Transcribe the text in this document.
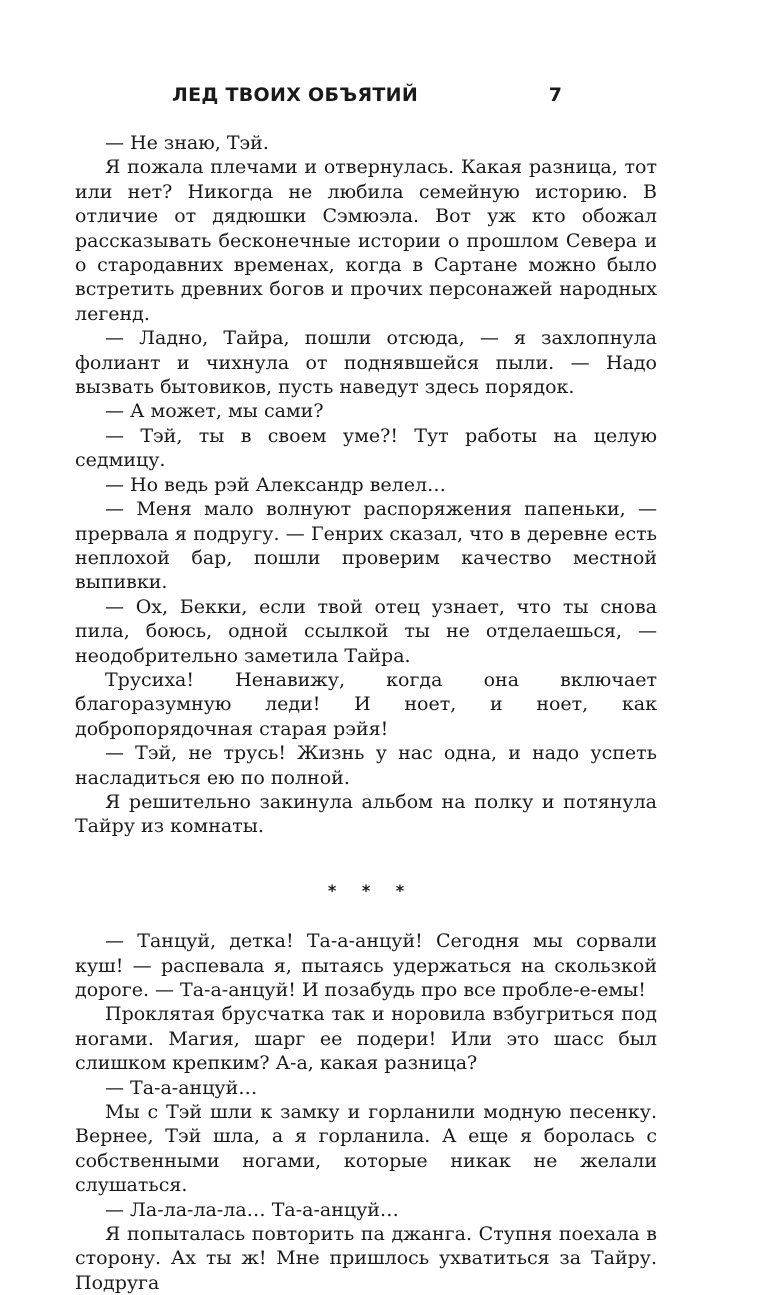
ЛЕД ТВОИХ ОБЪЯТИЙ	7

— Не знаю, Тэй.

Я пожала плечами и отвернулась. Какая разница, тот или нет? Никогда не любила семейную историю. В отличие от дядюшки Сэмюэла. Вот уж кто обожал рассказывать бесконечные истории о прошлом Севера и о стародавних временах, когда в Сартане можно было встретить древних богов и прочих персонажей народных легенд.

— Ладно, Тайра, пошли отсюда, — я захлопнула фолиант и чихнула от поднявшейся пыли. — Надо вызвать бытовиков, пусть наведут здесь порядок.

— А может, мы сами?

— Тэй, ты в своем уме?! Тут работы на целую седмицу.

— Но ведь рэй Александр велел…

— Меня мало волнуют распоряжения папеньки, — прервала я подругу. — Генрих сказал, что в деревне есть неплохой бар, пошли проверим качество местной выпивки.

— Ох, Бекки, если твой отец узнает, что ты снова пила, боюсь, одной ссылкой ты не отделаешься, — неодобрительно заметила Тайра.

Трусиха! Ненавижу, когда она включает благоразумную леди! И ноет, и ноет, как добропорядочная старая рэйя!

— Тэй, не трусь! Жизнь у нас одна, и надо успеть насладиться ею по полной.

Я решительно закинула альбом на полку и потянула Тайру из комнаты.

* * *

— Танцуй, детка! Та-а-анцуй! Сегодня мы сорвали куш! — распевала я, пытаясь удержаться на скользкой дороге. — Та-а-анцуй! И позабудь про все пробле-е-емы!

Проклятая брусчатка так и норовила взбугриться под ногами. Магия, шарг ее подери! Или это шасс был слишком крепким? А-а, какая разница?

— Та-а-анцуй…

Мы с Тэй шли к замку и горланили модную песенку. Вернее, Тэй шла, а я горланила. А еще я боролась с собственными ногами, которые никак не желали слушаться.

— Ла-ла-ла-ла… Та-а-анцуй…

Я попыталась повторить па джанга. Ступня поехала в сторону. Ах ты ж! Мне пришлось ухватиться за Тайру. Подруга
